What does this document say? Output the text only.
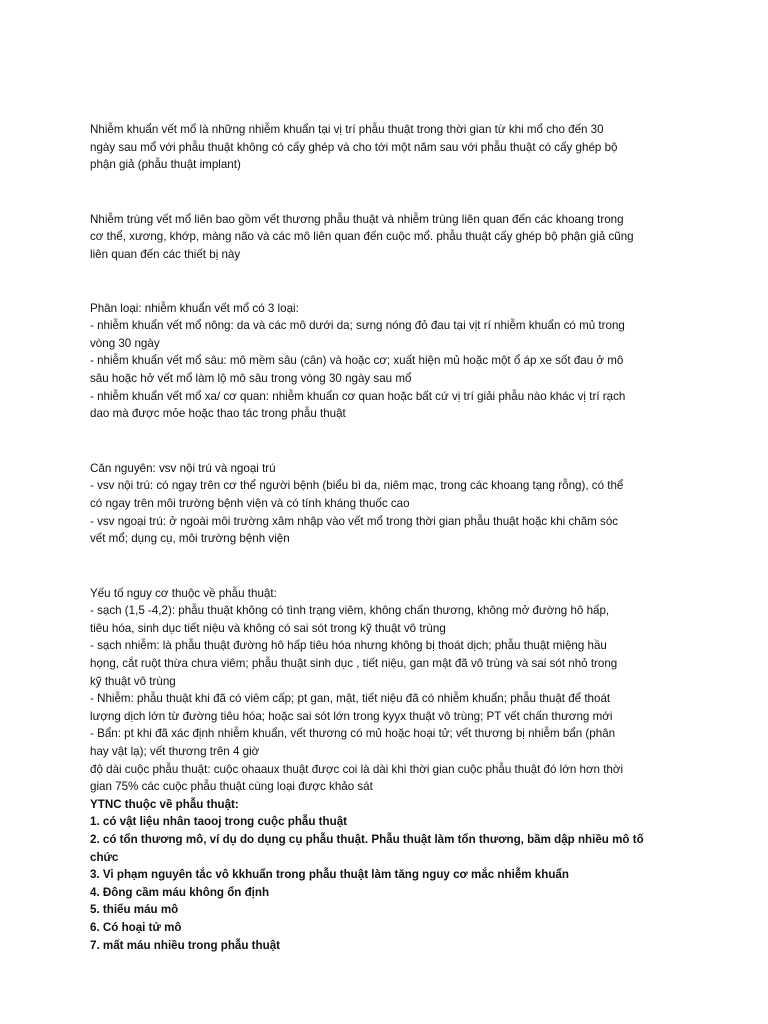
Nhiễm khuẩn vết mổ là những nhiễm khuẩn tại vị trí phẫu thuật trong thời gian từ khi mổ cho đến 30
ngày sau mổ với phẫu thuật không có cấy ghép và cho tới một năm sau với phẫu thuật có cấy ghép bộ
phận giả (phẫu thuật implant)
Nhiễm trùng vết mổ liên bao gồm vết thương phẫu thuật và nhiễm trùng liên quan đến các khoang trong
cơ thể, xương, khớp, màng não và các mô liên quan đến cuộc mổ. phẫu thuật cấy ghép bộ phận giả cũng
liên quan đến các thiết bị này
Phân loại: nhiễm khuẩn vết mổ có 3 loại:
- nhiễm khuẩn vết mổ nông: da và các mô dưới da; sưng nóng đỏ đau tại vịt rí nhiễm khuẩn có mủ trong
vòng 30 ngày
- nhiễm khuẩn vết mổ sâu: mô mềm sâu (cân) và hoặc cơ; xuất hiện mủ hoặc một ổ áp xe sốt đau ở mô
sâu hoặc hở vết mổ làm lộ mô sâu trong vòng 30 ngày sau mổ
- nhiễm khuẩn vết mổ xa/ cơ quan: nhiễm khuẩn cơ quan hoặc bất cứ vị trí giải phẫu nào khác vị trí rạch
dao mà được mỏe hoặc thao tác trong phẫu thuật
Căn nguyên: vsv nội trú và ngoại trú
- vsv nội trú: có ngay trên cơ thể người bệnh (biểu bì da, niêm mạc, trong các khoang tạng rỗng), có thể
có ngay trên môi trường bệnh viện và có tính kháng thuốc cao
- vsv ngoại trú: ở ngoài môi trường xâm nhập vào vết mổ trong thời gian phẫu thuật hoặc khi chăm sóc
vết mổ; dụng cụ, môi trường bệnh viện
Yếu tố nguy cơ thuộc về phẫu thuật:
- sạch (1,5 -4,2): phẫu thuật không có tình trạng viêm, không chấn thương, không mở đường hô hấp,
tiêu hóa, sinh dục tiết niệu và không có sai sót trong kỹ thuật vô trùng
- sạch nhiễm: là phẫu thuật đường hô hấp tiêu hóa nhưng không bị thoát dịch; phẫu thuật miệng hầu
họng, cắt ruột thừa chưa viêm; phẫu thuật sinh dục , tiết niệu, gan mật đã vô trùng và sai sót nhỏ trong
kỹ thuật vô trùng
- Nhiễm: phẫu thuật khi đã có viêm cấp; pt gan, mật, tiết niệu đã có nhiễm khuẩn; phẫu thuật để thoát
lượng dịch lớn từ đường tiêu hóa; hoặc sai sót lớn trong kyyx thuật vô trùng; PT vết chấn thương mới
- Bẩn: pt khi đã xác định nhiễm khuẩn, vết thương có mủ hoặc hoại tử; vết thương bị nhiễm bẩn (phân
hay vật lạ); vết thương trên 4 giờ
độ dài cuộc phẫu thuật: cuộc ohaaux thuật được coi là dài khi thời gian cuộc phẫu thuật đó lớn hơn thời
gian 75% các cuộc phẫu thuật cùng loại được khảo sát
YTNC thuộc về phẫu thuật:
1. có vật liệu nhân taooj trong cuộc phẫu thuật
2. có tổn thương mô, ví dụ do dụng cụ phẫu thuật. Phẫu thuật làm tổn thương, bầm dập nhiều mô tố
chức
3. Vi phạm nguyên tắc vô kkhuẩn trong phẫu thuật làm tăng nguy cơ mắc nhiễm khuẩn
4. Đông cầm máu không ổn định
5. thiếu máu mô
6. Có hoại tử mô
7. mất máu nhiều trong phẫu thuật
